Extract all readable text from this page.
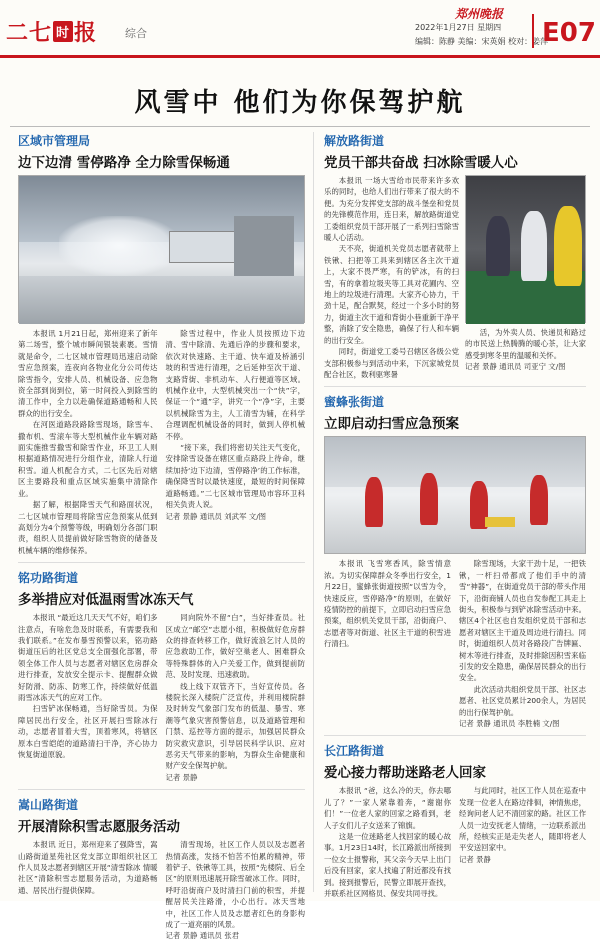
二七 时 报	综合
郑州晚报
2022年1月27日 星期四
编辑：陈静 美编：宋英娟 校对：姜萍
E07
风雪中 他们为你保驾护航
区域市管理局
边下边清 雪停路净 全力除雪保畅通

本报讯 1月21日起，郑州迎来了新年第二场雪，整个城市瞬间银装素裹。雪情就是命令，二七区城市管理局迅速启动除雪应急预案，连夜向各物业化分公司传达除雪指令，安排人员、机械设备、应急物资全部到岗到位，第一时间投入到除雪的清工作中，全力以赴确保道路通畅和人民群众的出行安全。

在河医道路段路除雪现场，除雪车、撒布机、雪滚车等大型机械作业车辆对路面实施推雪撒雪和除雪作业，环卫工人则根据道路情况进行分组作业，清除人行道积雪。道人机配合方式，二七区先后对辖区主要路段和重点区域实施集中清除作业。

据了解，根据降雪天气和路面状况，二七区城市管理局将除雪应急预案从低到高划分为4个预警等级，明确划分各部门职责，组织人员提前做好除雪物资的储备及机械车辆的维修保养。

除雪过程中，作业人员按照边下边清、雪中除清、先通后净的步骤和要求，依次对快速路、主干道、快车道及桥涵引坡的积雪进行清理，之后延伸至次干道、支路背街、非机动车、人行便道等区域。机械作业中，大型机械突出一个“快”字，保证一个“通”字，讲究一个“净”字，主要以机械除雪为主，人工清雪为辅，在科学合理调配机械设备的同时，做到人停机械不停。

“接下来，我们将密切关注天气变化，安排除雪设备在辖区重点路段上待命，继续加持‘边下边清，雪停路净’的工作标准，确保降雪时以最快速度，最短的时间保障道路畅通。”二七区城市管理局市容环卫科相关负责人说。

记者 景静 通讯员 刘武军 文/图
铭功路街道
多举措应对低温雨雪冰冻天气

本报讯 “最近这几天天气不好，咱们多注意点，有啥危急及时联系，有需要我和我们联系。”在发布暴雪预警以来，铭功路街道压后的社区党总支全面强化部署，带领全体工作人员与志愿者对辖区危房群众进行排查，发放安全提示卡、提醒群众做好防滑、防冻、防寒工作，持续做好低温雨雪冰冻天气的应对工作。

扫雪铲冰保畅通，当好除雪员。为保障居民出行安全，社区开展扫雪除冰行动，志愿者冒着大雪，顶着寒风，将辖区原本白雪皑皑的道路清扫干净，齐心协力恢复街道原貌。

同向院外不留“白”，当好排查员。社区成立“邮空”志愿小组，积极做好危房群众的排查转移工作，做好流浪乞讨人员的应急救助工作，做好空巢老人、困难群众等特殊群体的入户关爱工作，做到提前防范、及时发现、迅速救助。

线上线下双管齐下，当好宣传员。各楼院长深入楼院广泛宣传，并利用楼院群及时转发气象部门发布的低温、暴雪、寒潮等气象灾害预警信息，以及道路管理和门禁、巡控等方面的提示，加强居民群众防灾救灾意识，引导居民科学认识、应对恶劣天气带来的影响，为群众生命健康和财产安全保驾护航。

记者 景静
嵩山路街道
开展清除积雪志愿服务活动

本报讯 近日，郑州迎来了强降雪，嵩山路街道星苑社区党支部立即组织社区工作人员及志愿者到辖区开展“清雪除冰 情暖社区”清除积雪志愿服务活动，为道路畅通、居民出行提供保障。

清雪现场，社区工作人员以及志愿者热情高涨，发扬不怕苦不怕累的精神，带着铲子、铁锹等工具，按照“先楼院、后全区”的原则迅速展开除雪破冰工作。同时，呼吁沿街商户及时清扫门前的积雪，并提醒居民关注路滑，小心出行。冰天雪地中，社区工作人员及志愿者红色的身影构成了一道亮丽的风景。

记者 景静 通讯员 张君
解放路街道
党员干部共奋战 扫冰除雪暖人心

本报讯 一场大雪给市民带来许多欢乐的同时，也给人们出行带来了很大的不便。为充分发挥党支部的战斗堡垒和党员的先锋模范作用，连日来，解放路街道党工委组织党员干部开展了一系列扫雪除雪暖人心活动。

天不亮，街道机关党员志愿者就带上铁锹、扫把等工具来到辖区各主次干道上，大家不畏严寒，有的铲冰，有的扫雪，有的拿着垃圾夹等工具对花圃内、空地上的垃圾进行清理。大家齐心协力，干劲十足，配合默契，经过一个多小时的努力，街道主次干道和背街小巷重新干净平整，消除了安全隐患，确保了行人和车辆的出行安全。

同时，街道党工委号召辖区各级公党支部积极参与到活动中来，下沉家城党员配合社区，数利驱寒暑

活，为外卖人员、快递员和路过的市民送上热腾腾的暖心茶，让大家感受到寒冬里的温暖和关怀。

记者 景静 通讯员 司亚宁 文/图
蜜蜂张街道
立即启动扫雪应急预案

本报讯 飞雪寒香风，除雪情意浓。为切实保障群众冬季出行安全，1月22日，蜜蜂张街道按照“以雪为令，快速反应，雪停路净”的原则，在做好疫情防控的前提下，立即启动扫雪应急预案，组织机关党员干部，沿街商户、志愿者等对街道、社区主干道的积雪进行清扫。

除雪现场，大家干劲十足，一把铁锹，一杆扫帚都成了他们手中的清雪“神器”，在街道党员干部的带头作用下，沿街商铺人员也自发参配工具走上街头，积极参与到铲冰除雪活动中来。辖区4个社区也自发组织党员干部和志愿者对辖区主干道及周边进行清扫。同时，街道组织人员对各路段广告牌匾、树木等进行排查，及时排除因积雪来临引发的安全隐患，确保居民群众的出行安全。

此次活动共组织党员干部、社区志愿者、社区党员累计200余人，为居民的出行保驾护航。

记者 景静 通讯员 李胜楠 文/图
长江路街道
爱心接力帮助迷路老人回家

本报讯 “爸，这么冷的天，你去哪儿了？”一家人紧靠着奔，“谢谢你们！”一位老人家的回家之路看到，老人子女们儿子女送来了锦旗。

这是一位迷路老人找回家的暖心故事。1月23日14时，长江路派出所接到一位女士报警称，其父亲今天早上出门后没有回家，家人找遍了附近都没有找到。接到报警后，民警立即展开查找，并联系社区网格员、保安共同寻找。

与此同时，社区工作人员在巡查中发现一位老人在路边徘徊，神情焦虑，经询问老人记不清回家的路。社区工作人员一边安抚老人情绪，一边联系派出所，经核实正是走失老人，随即将老人平安送回家中。

记者 景静
